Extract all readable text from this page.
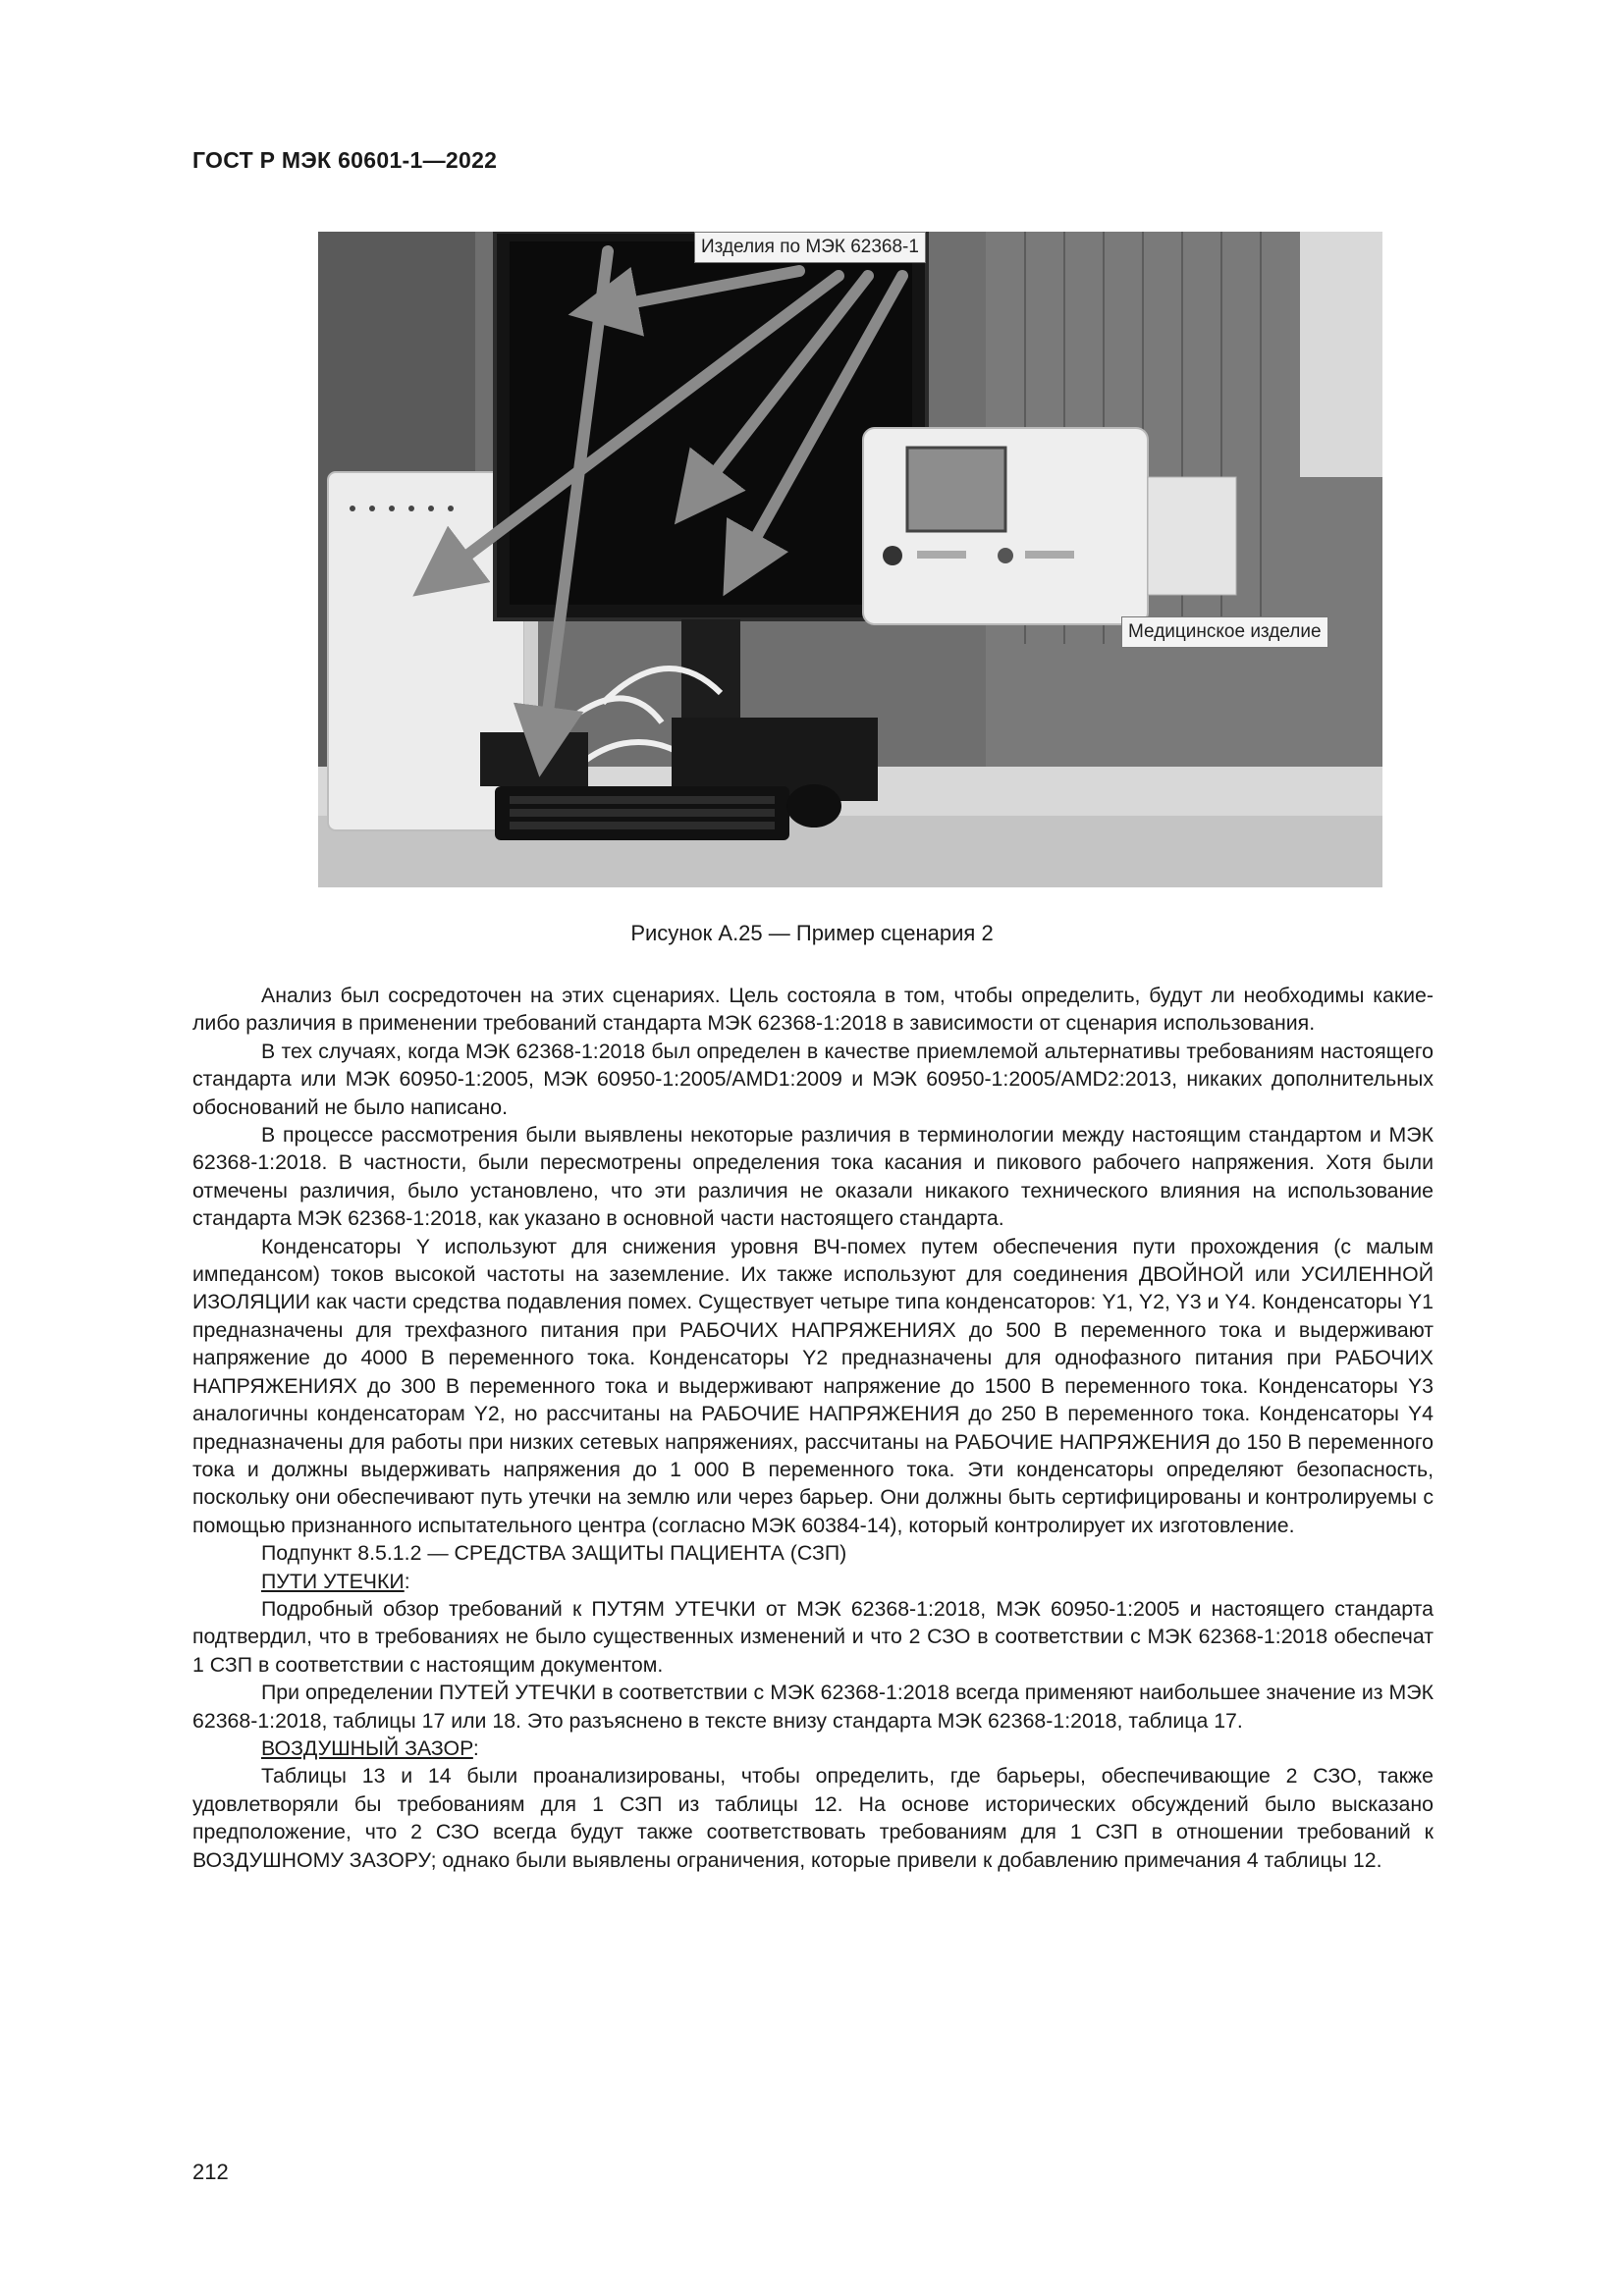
ГОСТ Р МЭК 60601-1—2022
Изделия по МЭК 62368-1
Медицинское изделие
Рисунок А.25 — Пример сценария 2

Анализ был сосредоточен на этих сценариях. Цель состояла в том, чтобы определить, будут ли необходимы какие-либо различия в применении требований стандарта МЭК 62368-1:2018 в зависимости от сценария использования.

В тех случаях, когда МЭК 62368-1:2018 был определен в качестве приемлемой альтернативы требованиям настоящего стандарта или МЭК 60950-1:2005, МЭК 60950-1:2005/AMD1:2009 и МЭК 60950-1:2005/AMD2:2013, никаких дополнительных обоснований не было написано.

В процессе рассмотрения были выявлены некоторые различия в терминологии между настоящим стандартом и МЭК 62368-1:2018. В частности, были пересмотрены определения тока касания и пикового рабочего напряжения. Хотя были отмечены различия, было установлено, что эти различия не оказали никакого технического влияния на использование стандарта МЭК 62368-1:2018, как указано в основной части настоящего стандарта.

Конденсаторы Y используют для снижения уровня ВЧ-помех путем обеспечения пути прохождения (с малым импедансом) токов высокой частоты на заземление. Их также используют для соединения ДВОЙНОЙ или УСИЛЕННОЙ ИЗОЛЯЦИИ как части средства подавления помех. Существует четыре типа конденсаторов: Y1, Y2, Y3 и Y4. Конденсаторы Y1 предназначены для трехфазного питания при РАБОЧИХ НАПРЯЖЕНИЯХ до 500 В переменного тока и выдерживают напряжение до 4000 В переменного тока. Конденсаторы Y2 предназначены для однофазного питания при РАБОЧИХ НАПРЯЖЕНИЯХ до 300 В переменного тока и выдерживают напряжение до 1500 В переменного тока. Конденсаторы Y3 аналогичны конденсаторам Y2, но рассчитаны на РАБОЧИЕ НАПРЯЖЕНИЯ до 250 В переменного тока. Конденсаторы Y4 предназначены для работы при низких сетевых напряжениях, рассчитаны на РАБОЧИЕ НАПРЯЖЕНИЯ до 150 В переменного тока и должны выдерживать напряжения до 1 000 В переменного тока. Эти конденсаторы определяют безопасность, поскольку они обеспечивают путь утечки на землю или через барьер. Они должны быть сертифицированы и контролируемы с помощью признанного испытательного центра (согласно МЭК 60384-14), который контролирует их изготовление.

Подпункт 8.5.1.2 — СРЕДСТВА ЗАЩИТЫ ПАЦИЕНТА (СЗП)

ПУТИ УТЕЧКИ:

Подробный обзор требований к ПУТЯМ УТЕЧКИ от МЭК 62368-1:2018, МЭК 60950-1:2005 и настоящего стандарта подтвердил, что в требованиях не было существенных изменений и что 2 СЗО в соответствии с МЭК 62368-1:2018 обеспечат 1 СЗП в соответствии с настоящим документом.

При определении ПУТЕЙ УТЕЧКИ в соответствии с МЭК 62368-1:2018 всегда применяют наибольшее значение из МЭК 62368-1:2018, таблицы 17 или 18. Это разъяснено в тексте внизу стандарта МЭК 62368-1:2018, таблица 17.

ВОЗДУШНЫЙ ЗАЗОР:

Таблицы 13 и 14 были проанализированы, чтобы определить, где барьеры, обеспечивающие 2 СЗО, также удовлетворяли бы требованиям для 1 СЗП из таблицы 12. На основе исторических обсуждений было высказано предположение, что 2 СЗО всегда будут также соответствовать требованиям для 1 СЗП в отношении требований к ВОЗДУШНОМУ ЗАЗОРУ; однако были выявлены ограничения, которые привели к добавлению примечания 4 таблицы 12.

212
